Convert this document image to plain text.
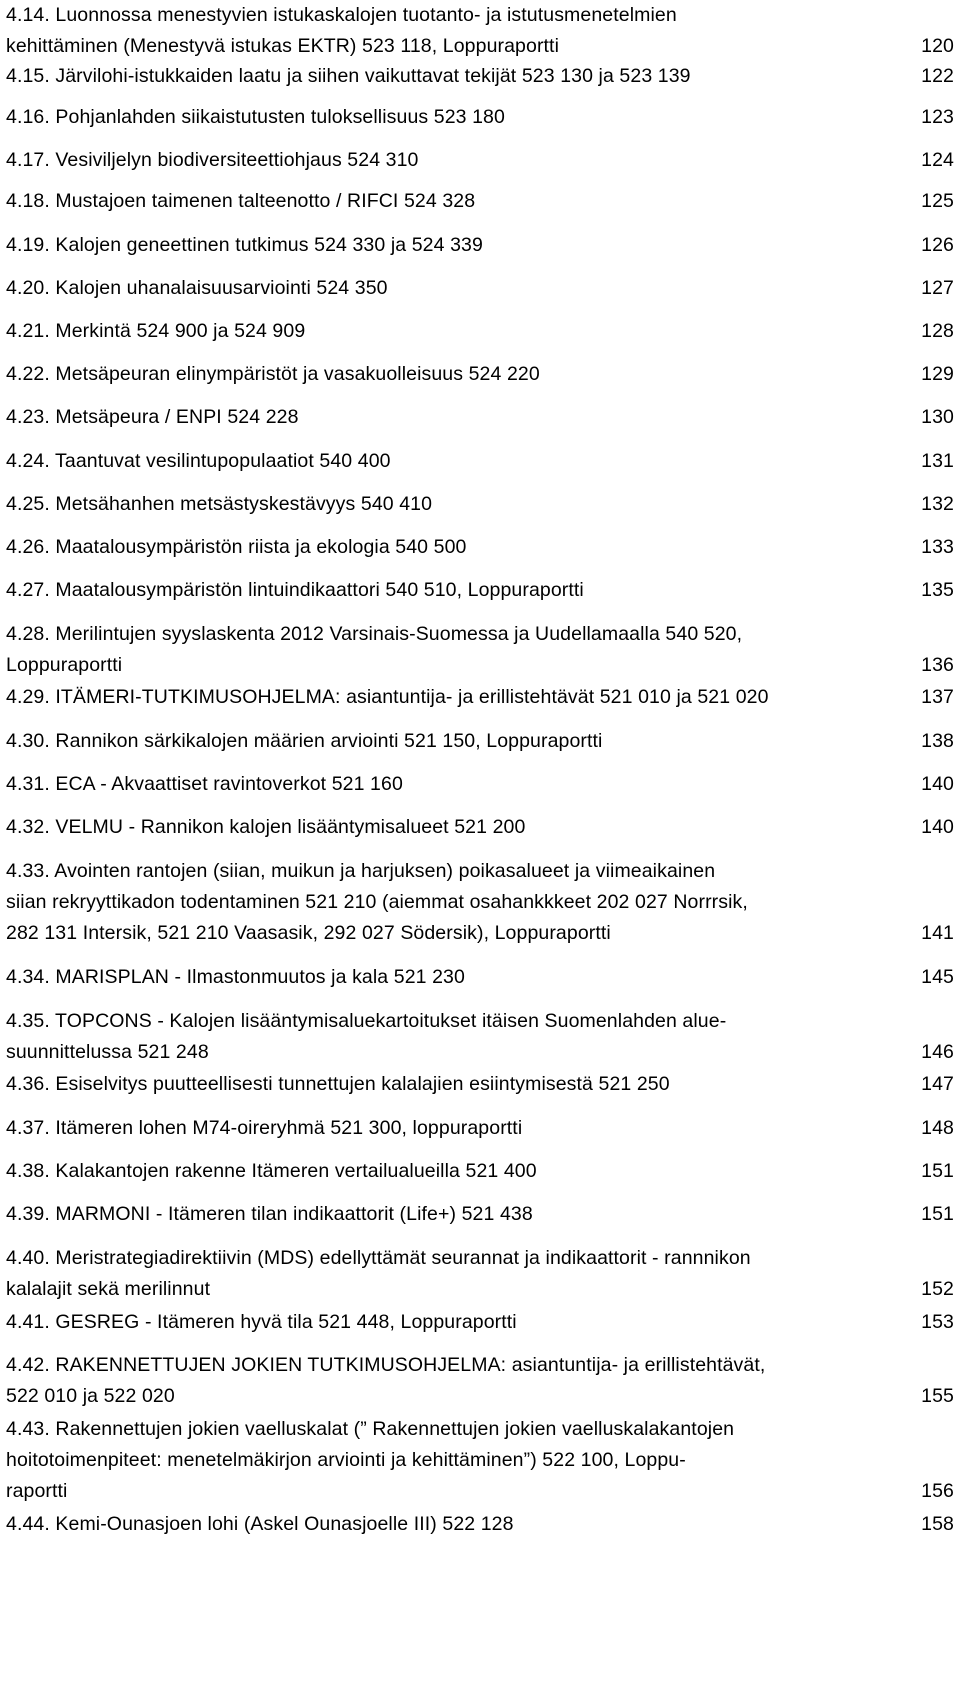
4.14. Luonnossa menestyvien istukaskalojen tuotanto- ja istutusmenetelmien
kehittäminen (Menestyvä istukas EKTR) 523 118, Loppuraportti	120
4.15. Järvilohi-istukkaiden laatu ja siihen vaikuttavat tekijät 523 130 ja 523 139	122
4.16. Pohjanlahden siikaistutusten tuloksellisuus 523 180	123
4.17. Vesiviljelyn biodiversiteettiohjaus 524 310	124
4.18. Mustajoen taimenen talteenotto / RIFCI 524 328	125
4.19. Kalojen geneettinen tutkimus 524 330 ja 524 339	126
4.20. Kalojen uhanalaisuusarviointi 524 350	127
4.21. Merkintä 524 900 ja 524 909	128
4.22. Metsäpeuran elinympäristöt ja vasakuolleisuus 524 220	129
4.23. Metsäpeura / ENPI 524 228	130
4.24. Taantuvat vesilintupopulaatiot 540 400	131
4.25. Metsähanhen metsästyskestävyys 540 410	132
4.26. Maatalousympäristön riista ja ekologia 540 500	133
4.27. Maatalousympäristön lintuindikaattori 540 510, Loppuraportti	135
4.28. Merilintujen syyslaskenta 2012 Varsinais-Suomessa ja Uudellamaalla 540 520,
Loppuraportti	136
4.29. ITÄMERI-TUTKIMUSOHJELMA: asiantuntija- ja erillistehtävät 521 010 ja 521 020	137
4.30. Rannikon särkikalojen määrien arviointi 521 150, Loppuraportti	138
4.31. ECA - Akvaattiset ravintoverkot 521 160	140
4.32. VELMU - Rannikon kalojen lisääntymisalueet 521 200	140
4.33. Avointen rantojen (siian, muikun ja harjuksen) poikasalueet ja viimeaikainen
siian rekryyttikadon todentaminen 521 210 (aiemmat osahankkkeet 202 027 Norrrsik,
282 131 Intersik, 521 210 Vaasasik, 292 027 Södersik), Loppuraportti	141
4.34. MARISPLAN - Ilmastonmuutos ja kala 521 230	145
4.35. TOPCONS - Kalojen lisääntymisaluekartoitukset itäisen Suomenlahden alue-
suunnittelussa 521 248	146
4.36. Esiselvitys puutteellisesti tunnettujen kalalajien esiintymisestä 521 250	147
4.37. Itämeren lohen M74-oireryhmä 521 300, loppuraportti	148
4.38. Kalakantojen rakenne Itämeren vertailualueilla 521 400	151
4.39. MARMONI - Itämeren tilan indikaattorit (Life+) 521 438	151
4.40. Meristrategiadirektiivin (MDS) edellyttämät seurannat ja indikaattorit - rannnikon
kalalajit sekä merilinnut	152
4.41. GESREG - Itämeren hyvä tila 521 448, Loppuraportti	153
4.42. RAKENNETTUJEN JOKIEN TUTKIMUSOHJELMA: asiantuntija- ja erillistehtävät,
522 010 ja 522 020	155
4.43. Rakennettujen jokien vaelluskalat (” Rakennettujen jokien vaelluskalakantojen
hoitotoimenpiteet: menetelmäkirjon arviointi ja kehittäminen”) 522 100, Loppu-
raportti	156
4.44. Kemi-Ounasjoen lohi (Askel Ounasjoelle III) 522 128	158
